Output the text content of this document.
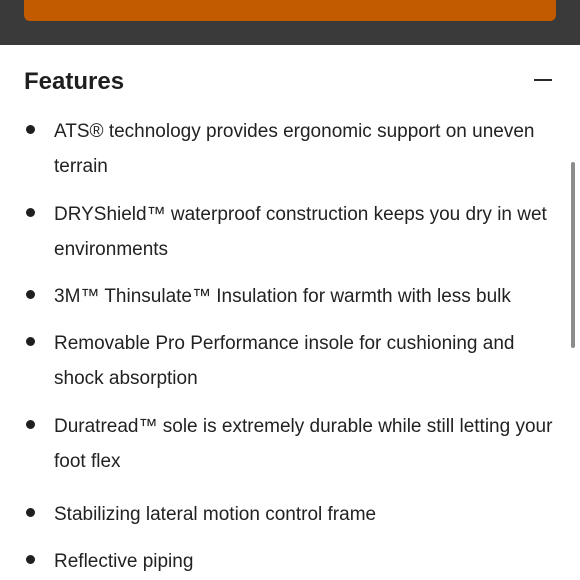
Features
ATS® technology provides ergonomic support on uneven terrain
DRYShield™ waterproof construction keeps you dry in wet environments
3M™ Thinsulate™ Insulation for warmth with less bulk
Removable Pro Performance insole for cushioning and shock absorption
Duratread™ sole is extremely durable while still letting your foot flex
Stabilizing lateral motion control frame
Reflective piping
